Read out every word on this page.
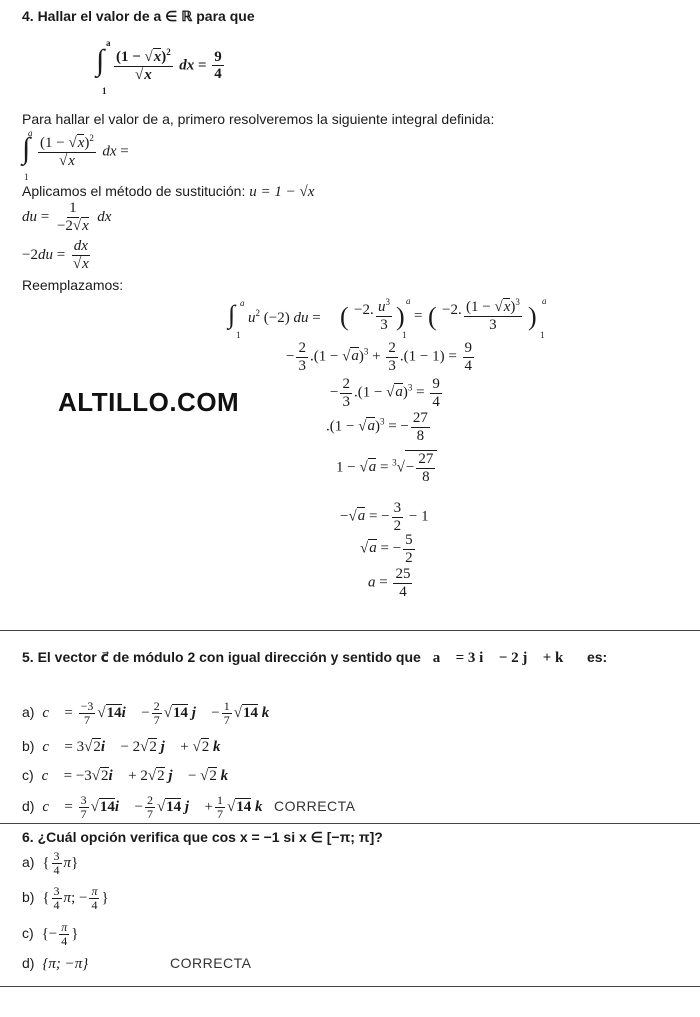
4. Hallar el valor de a ∈ ℝ para que
∫
a
1
$\frac{(1 - √x)^2}{√x}$ dx = $\frac{9}{4}$
Para hallar el valor de a, primero resolveremos la siguiente integral definida:
∫
a
1
$\frac{(1 - √x)^2}{√x}$ dx =
Aplicamos el método de sustitución: u = 1 − √x
du = $\frac{1}{-2√x}$ dx
$-2du = \frac{dx}{√x}$
Reemplazamos:
∫ a
1
$u^2$ (−2) du = ( −2. $\frac{u^3}{3}$ )
a
1
= ( −2. $\frac{(1 - √x)^3}{3}$ )
a
1
− $\frac{2}{3} .(1 - √a)^3 + \frac{2}{3} .(1 - 1) = \frac{9}{4}$
ALTILLO.COM	− $\frac{2}{3} .(1 - √a)^3 = \frac{9}{4}$
$.(1 - √a)^3$ = − $\frac{27}{8}$
$1 - √a = ^3√- \frac{27}{8}$
−√a = − $\frac{3}{2} - 1$
√a = − $\frac{5}{2}$
$a = \frac{25}{4}$
5. El vector c⃗ de módulo 2 con igual dirección y sentido que a⃗ = 3 i⃗ − 2 j⃗ + k⃗ es:
a) c⃗ = $\frac{-3}{7}$ √14i⃗ − $\frac{2}{7} √14$ j⃗ − $\frac{1}{7} √14$ k⃗
b) c⃗ = 3√2i⃗ − 2√2 j⃗ + √2 k⃗
c) c⃗ = −3√2i⃗ + 2√2 j⃗ − √2 k⃗
d) c⃗ = $\frac{3}{7}$ √14i⃗ − $\frac{2}{7} √14$ j⃗ + $\frac{1}{7} √14$ k⃗ CORRECTA
6. ¿Cuál opción verifica que cos x = −1 si x ∈ [−π; π]?
a) { $\frac{3}{4} \pi$}
b) { $\frac{3}{4} \pi$; − $\frac{\pi}{4}$ }
c) {− $\frac{\pi}{4}$ }
d) {π; −π}	CORRECTA
